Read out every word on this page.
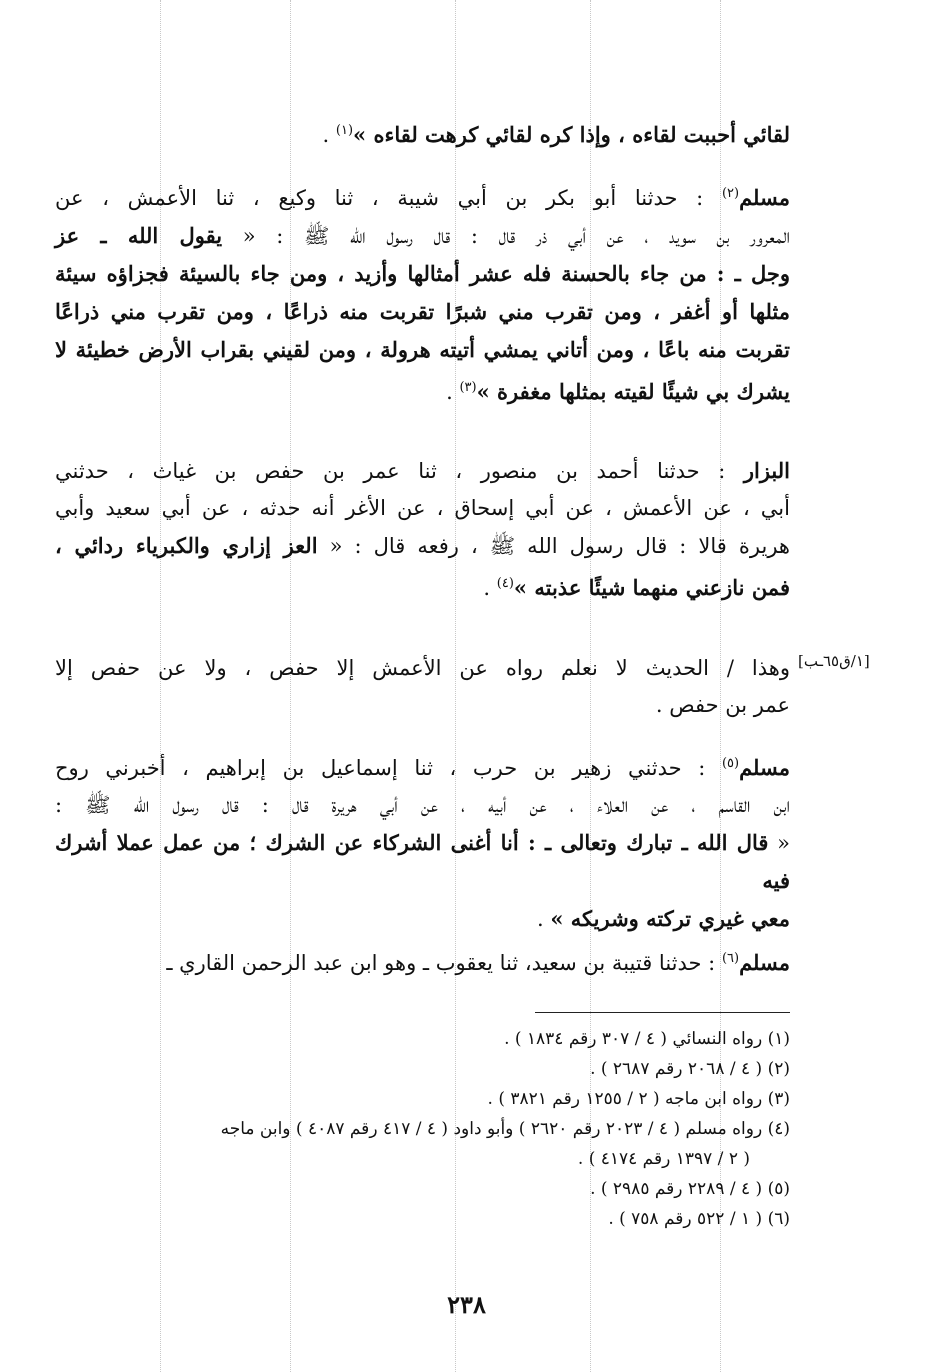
لقائي أحببت لقاءه ، وإذا كره لقائي كرهت لقاءه »$^{(١)}$ .
مسلم$^{(٢)}$ : حدثنا أبو بكر بن أبي شيبة ، ثنا وكيع ، ثنا الأعمش ، عن
المعرور بن سويد ، عن أبي ذر قال : قال رسول الله ﷺ : « يقول الله ـ عز
وجل ـ : من جاء بالحسنة فله عشر أمثالها وأزيد ، ومن جاء بالسيئة فجزاؤه سيئة
مثلها أو أغفر ، ومن تقرب مني شبرًا تقربت منه ذراعًا ، ومن تقرب مني ذراعًا
تقربت منه باعًا ، ومن أتاني يمشي أتيته هرولة ، ومن لقيني بقراب الأرض خطيئة لا
يشرك بي شيئًا لقيته بمثلها مغفرة »$^{(٣)}$ .
البزار : حدثنا أحمد بن منصور ، ثنا عمر بن حفص بن غياث ، حدثني
أبي ، عن الأعمش ، عن أبي إسحاق ، عن الأغر أنه حدثه ، عن أبي سعيد وأبي
هريرة قالا : قال رسول الله ﷺ ، رفعه قال : « العز إزاري والكبرياء ردائي ،
فمن نازعني منهما شيئًا عذبته »$^{(٤)}$ .
وهذا / الحديث لا نعلم رواه عن الأعمش إلا حفص ، ولا عن حفص إلا
عمر بن حفص .
مسلم$^{(٥)}$ : حدثني زهير بن حرب ، ثنا إسماعيل بن إبراهيم ، أخبرني روح
ابن القاسم ، عن العلاء ، عن أبيه ، عن أبي هريرة قال : قال رسول الله ﷺ :
« قال الله ـ تبارك وتعالى ـ : أنا أغنى الشركاء عن الشرك ؛ من عمل عملا أشرك فيه
معي غيري تركته وشريكه » .
مسلم$^{(٦)}$ : حدثنا قتيبة بن سعيد، ثنا يعقوب ـ وهو ابن عبد الرحمن القاري ـ
[١/ق٦٥ـب]
(١) رواه النسائي ( ٤ / ٣٠٧ رقم ١٨٣٤ ) .
(٢) ( ٤ / ٢٠٦٨ رقم ٢٦٨٧ ) .
(٣) رواه ابن ماجه ( ٢ / ١٢٥٥ رقم ٣٨٢١ ) .
(٤) رواه مسلم ( ٤ / ٢٠٢٣ رقم ٢٦٢٠ ) وأبو داود ( ٤ / ٤١٧ رقم ٤٠٨٧ ) وابن ماجه
( ٢ / ١٣٩٧ رقم ٤١٧٤ ) .
(٥) ( ٤ / ٢٢٨٩ رقم ٢٩٨٥ ) .
(٦) ( ١ / ٥٢٢ رقم ٧٥٨ ) .
٢٣٨
